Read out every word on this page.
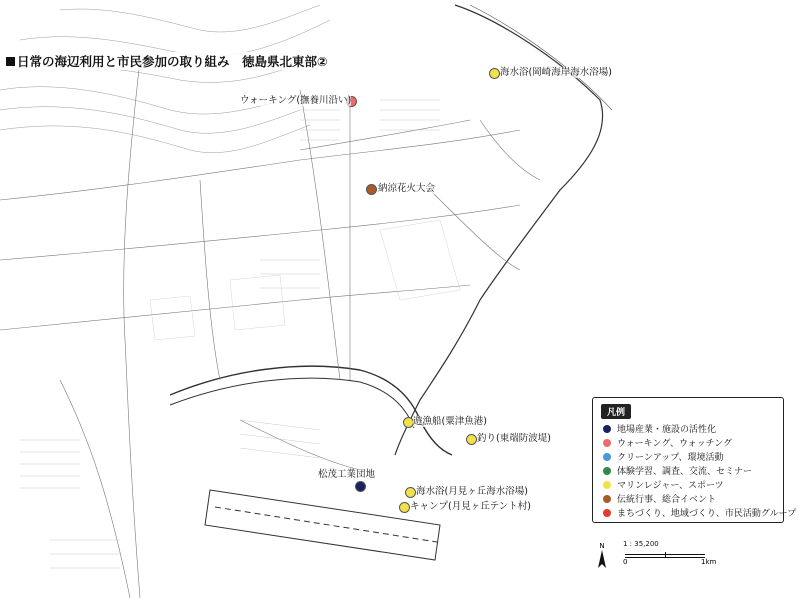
日常の海辺利用と市民参加の取り組み　徳島県北東部②
海水浴(岡崎海岸海水浴場)
ウォーキング(撫養川沿い)
納涼花火大会
遊漁船(粟津魚港)
釣り(東端防波堤)
松茂工業団地
海水浴(月見ヶ丘海水浴場)
キャンプ(月見ヶ丘テント村)
凡例
地場産業・施設の活性化
ウォーキング、ウォッチング
クリーンアップ、環境活動
体験学習、調査、交流、セミナー
マリンレジャー、スポーツ
伝統行事、総合イベント
まちづくり、地域づくり、市民活動グループ
N	1 : 35,200
0	1km
